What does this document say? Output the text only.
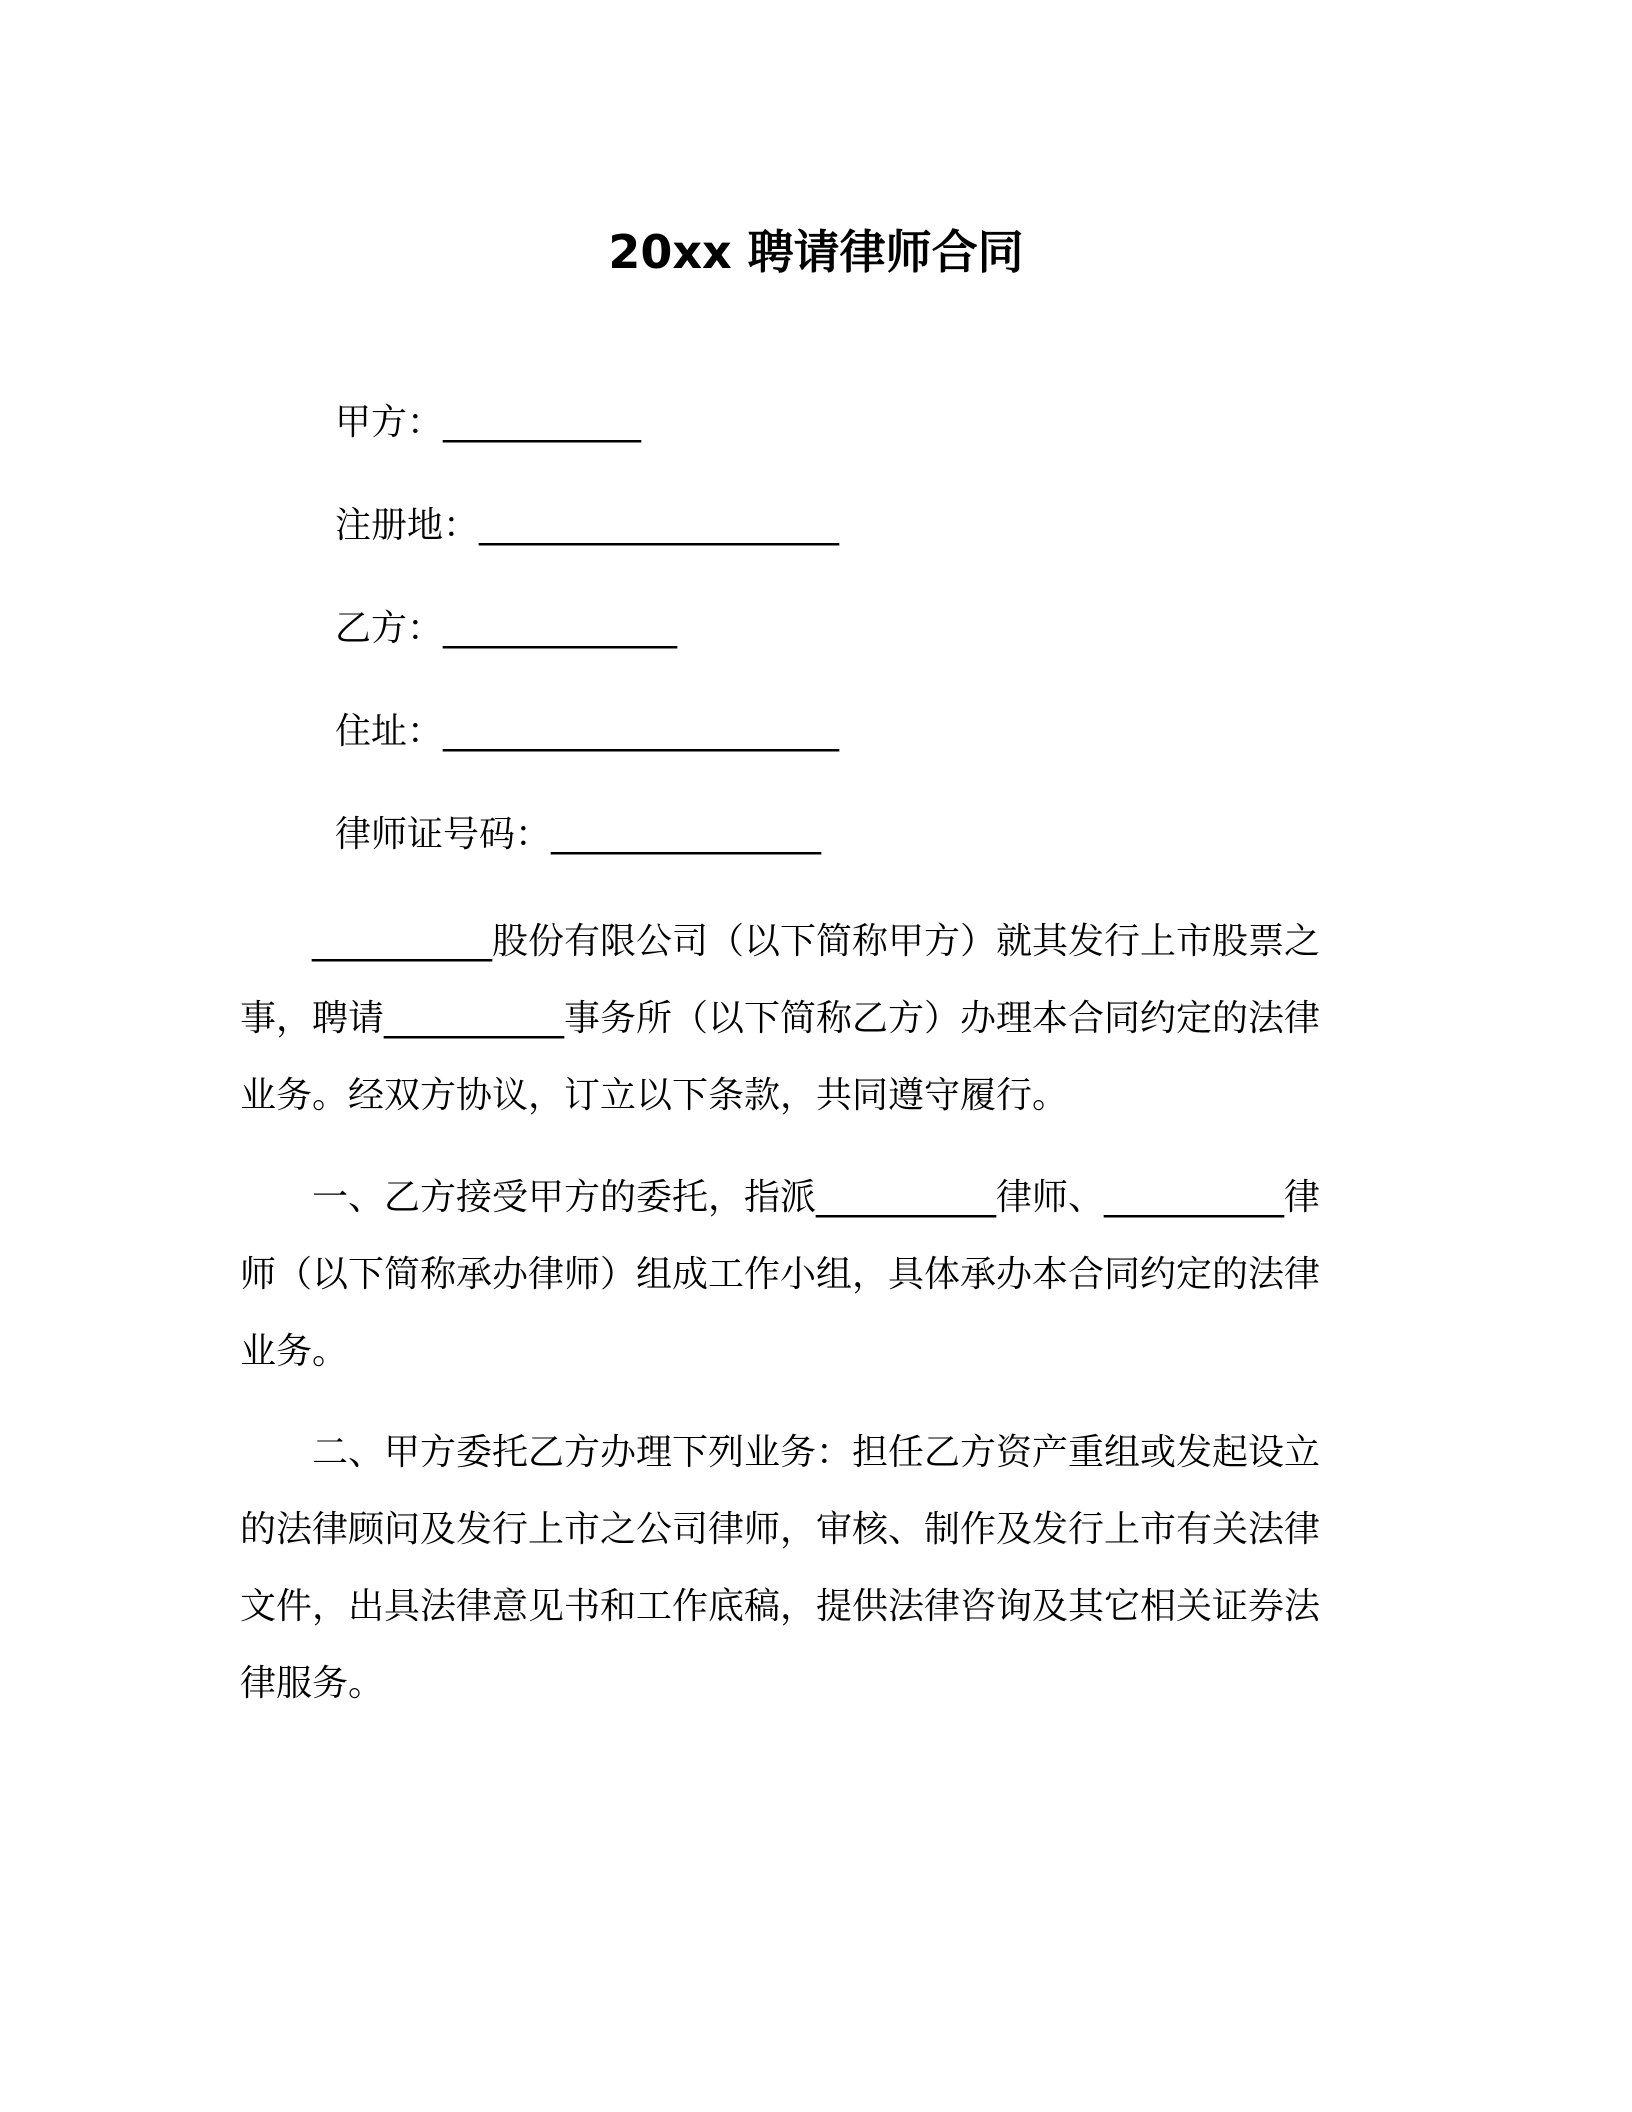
20xx 聘请律师合同
甲方：___________
注册地：____________________
乙方：_____________
住址：______________________
律师证号码：_______________
　　__________股份有限公司（以下简称甲方）就其发行上市股票之
事，聘请__________事务所（以下简称乙方）办理本合同约定的法律
业务。经双方协议，订立以下条款，共同遵守履行。
　　一、乙方接受甲方的委托，指派__________律师、__________律
师（以下简称承办律师）组成工作小组，具体承办本合同约定的法律
业务。
　　二、甲方委托乙方办理下列业务：担任乙方资产重组或发起设立
的法律顾问及发行上市之公司律师，审核、制作及发行上市有关法律
文件，出具法律意见书和工作底稿，提供法律咨询及其它相关证券法
律服务。
